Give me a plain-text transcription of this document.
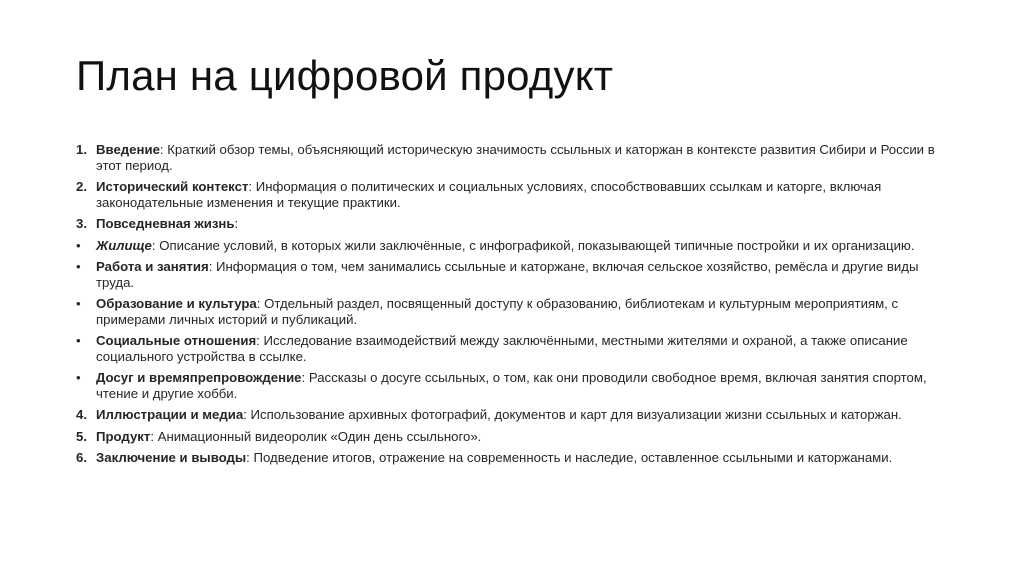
План на цифровой продукт
1. Введение: Краткий обзор темы, объясняющий историческую значимость ссыльных и каторжан в контексте развития Сибири и России в этот период.
2. Исторический контекст: Информация о политических и социальных условиях, способствовавших ссылкам и каторге, включая законодательные изменения и текущие практики.
3. Повседневная жизнь:
•	Жилище: Описание условий, в которых жили заключённые, с инфографикой, показывающей типичные постройки и их организацию.
•	Работа и занятия: Информация о том, чем занимались ссыльные и каторжане, включая сельское хозяйство, ремёсла и другие виды труда.
•	Образование и культура: Отдельный раздел, посвященный доступу к образованию, библиотекам и культурным мероприятиям, с примерами личных историй и публикаций.
•	Социальные отношения: Исследование взаимодействий между заключёнными, местными жителями и охраной, а также описание социального устройства в ссылке.
•	Досуг и времяпрепровождение: Рассказы о досуге ссыльных, о том, как они проводили свободное время, включая занятия спортом, чтение и другие хобби.
4. Иллюстрации и медиа: Использование архивных фотографий, документов и карт для визуализации жизни ссыльных и каторжан.
5. Продукт: Анимационный видеоролик «Один день ссыльного».
6. Заключение и выводы: Подведение итогов, отражение на современность и наследие, оставленное ссыльными и каторжанами.
